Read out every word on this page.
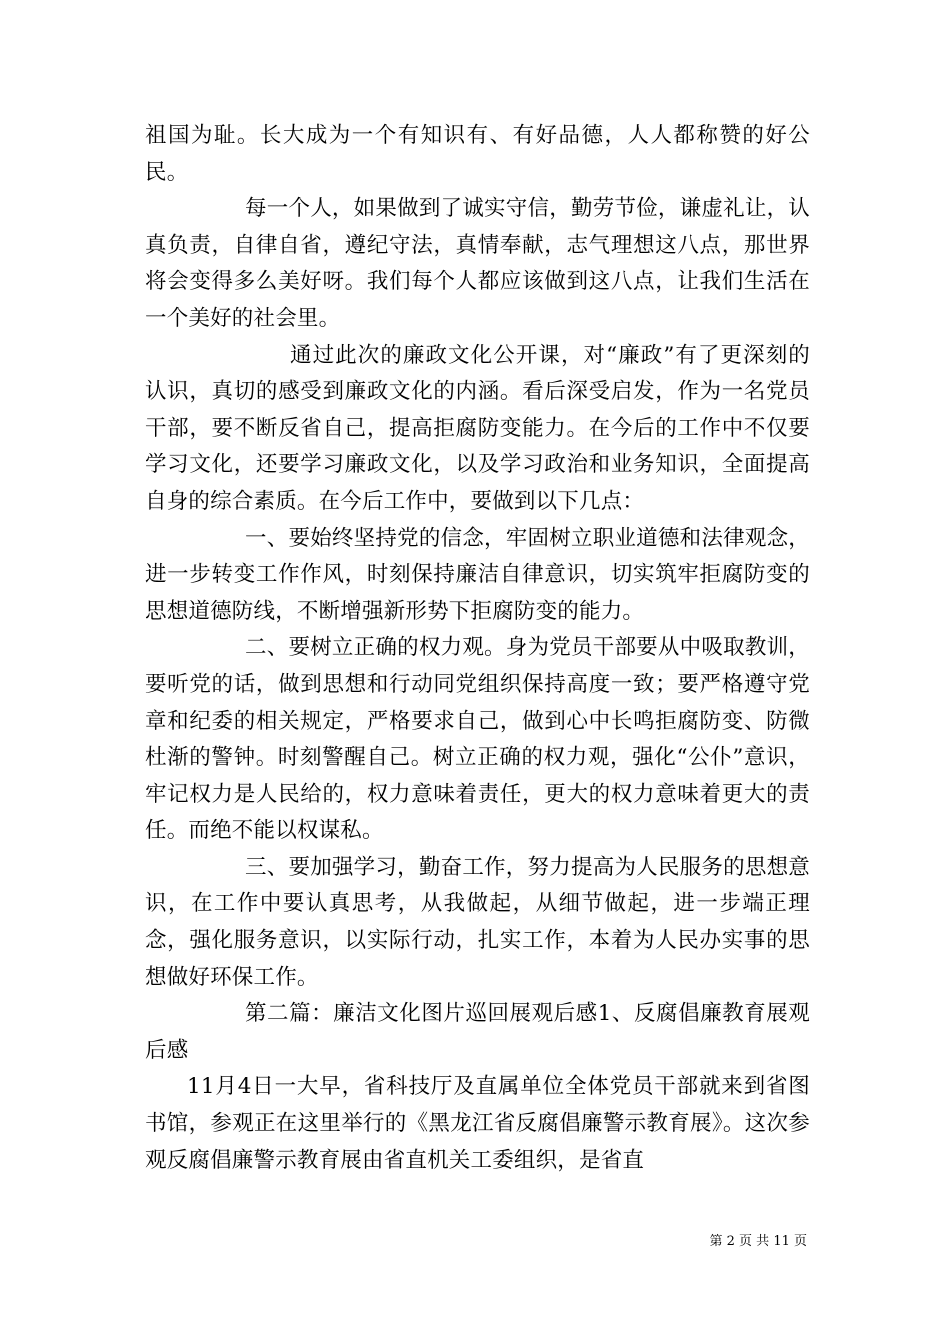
祖国为耻。长大成为一个有知识有、有好品德，人人都称赞的好公民。

每一个人，如果做到了诚实守信，勤劳节俭，谦虚礼让，认真负责，自律自省，遵纪守法，真情奉献，志气理想这八点，那世界将会变得多么美好呀。我们每个人都应该做到这八点，让我们生活在一个美好的社会里。

通过此次的廉政文化公开课，对“廉政”有了更深刻的认识，真切的感受到廉政文化的内涵。看后深受启发，作为一名党员干部，要不断反省自己，提高拒腐防变能力。在今后的工作中不仅要学习文化，还要学习廉政文化，以及学习政治和业务知识，全面提高自身的综合素质。在今后工作中，要做到以下几点：

一、要始终坚持党的信念，牢固树立职业道德和法律观念，进一步转变工作作风，时刻保持廉洁自律意识，切实筑牢拒腐防变的思想道德防线，不断增强新形势下拒腐防变的能力。

二、要树立正确的权力观。身为党员干部要从中吸取教训，要听党的话，做到思想和行动同党组织保持高度一致；要严格遵守党章和纪委的相关规定，严格要求自己，做到心中长鸣拒腐防变、防微杜渐的警钟。时刻警醒自己。树立正确的权力观，强化“公仆”意识，牢记权力是人民给的，权力意味着责任，更大的权力意味着更大的责任。而绝不能以权谋私。

三、要加强学习，勤奋工作，努力提高为人民服务的思想意识，在工作中要认真思考，从我做起，从细节做起，进一步端正理念，强化服务意识，以实际行动，扎实工作，本着为人民办实事的思想做好环保工作。

第二篇：廉洁文化图片巡回展观后感1、反腐倡廉教育展观后感

11月4日一大早，省科技厅及直属单位全体党员干部就来到省图书馆，参观正在这里举行的《黑龙江省反腐倡廉警示教育展》。这次参观反腐倡廉警示教育展由省直机关工委组织，是省直

第 2 页 共 11 页
